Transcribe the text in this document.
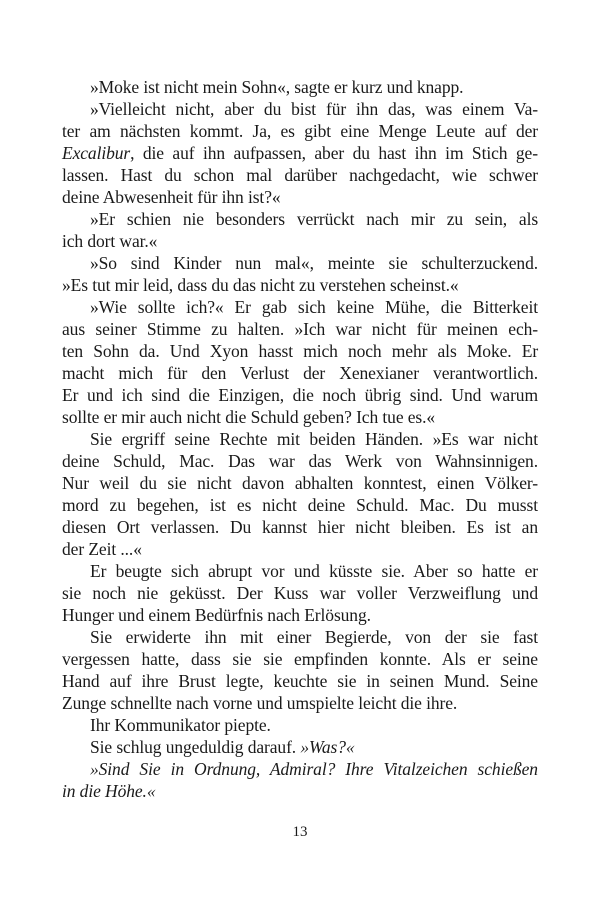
»Moke ist nicht mein Sohn«, sagte er kurz und knapp.
»Vielleicht nicht, aber du bist für ihn das, was einem Va-
ter am nächsten kommt. Ja, es gibt eine Menge Leute auf der
Excalibur, die auf ihn aufpassen, aber du hast ihn im Stich ge-
lassen. Hast du schon mal darüber nachgedacht, wie schwer
deine Abwesenheit für ihn ist?«
»Er schien nie besonders verrückt nach mir zu sein, als
ich dort war.«
»So sind Kinder nun mal«, meinte sie schulterzuckend.
»Es tut mir leid, dass du das nicht zu verstehen scheinst.«
»Wie sollte ich?« Er gab sich keine Mühe, die Bitterkeit
aus seiner Stimme zu halten. »Ich war nicht für meinen ech-
ten Sohn da. Und Xyon hasst mich noch mehr als Moke. Er
macht mich für den Verlust der Xenexianer verantwortlich.
Er und ich sind die Einzigen, die noch übrig sind. Und warum
sollte er mir auch nicht die Schuld geben? Ich tue es.«
Sie ergriff seine Rechte mit beiden Händen. »Es war nicht
deine Schuld, Mac. Das war das Werk von Wahnsinnigen.
Nur weil du sie nicht davon abhalten konntest, einen Völker-
mord zu begehen, ist es nicht deine Schuld. Mac. Du musst
diesen Ort verlassen. Du kannst hier nicht bleiben. Es ist an
der Zeit ...«
Er beugte sich abrupt vor und küsste sie. Aber so hatte er
sie noch nie geküsst. Der Kuss war voller Verzweiflung und
Hunger und einem Bedürfnis nach Erlösung.
Sie erwiderte ihn mit einer Begierde, von der sie fast
vergessen hatte, dass sie sie empfinden konnte. Als er seine
Hand auf ihre Brust legte, keuchte sie in seinen Mund. Seine
Zunge schnellte nach vorne und umspielte leicht die ihre.
Ihr Kommunikator piepte.
Sie schlug ungeduldig darauf. »Was?«
»Sind Sie in Ordnung, Admiral? Ihre Vitalzeichen schießen
in die Höhe.«
13
